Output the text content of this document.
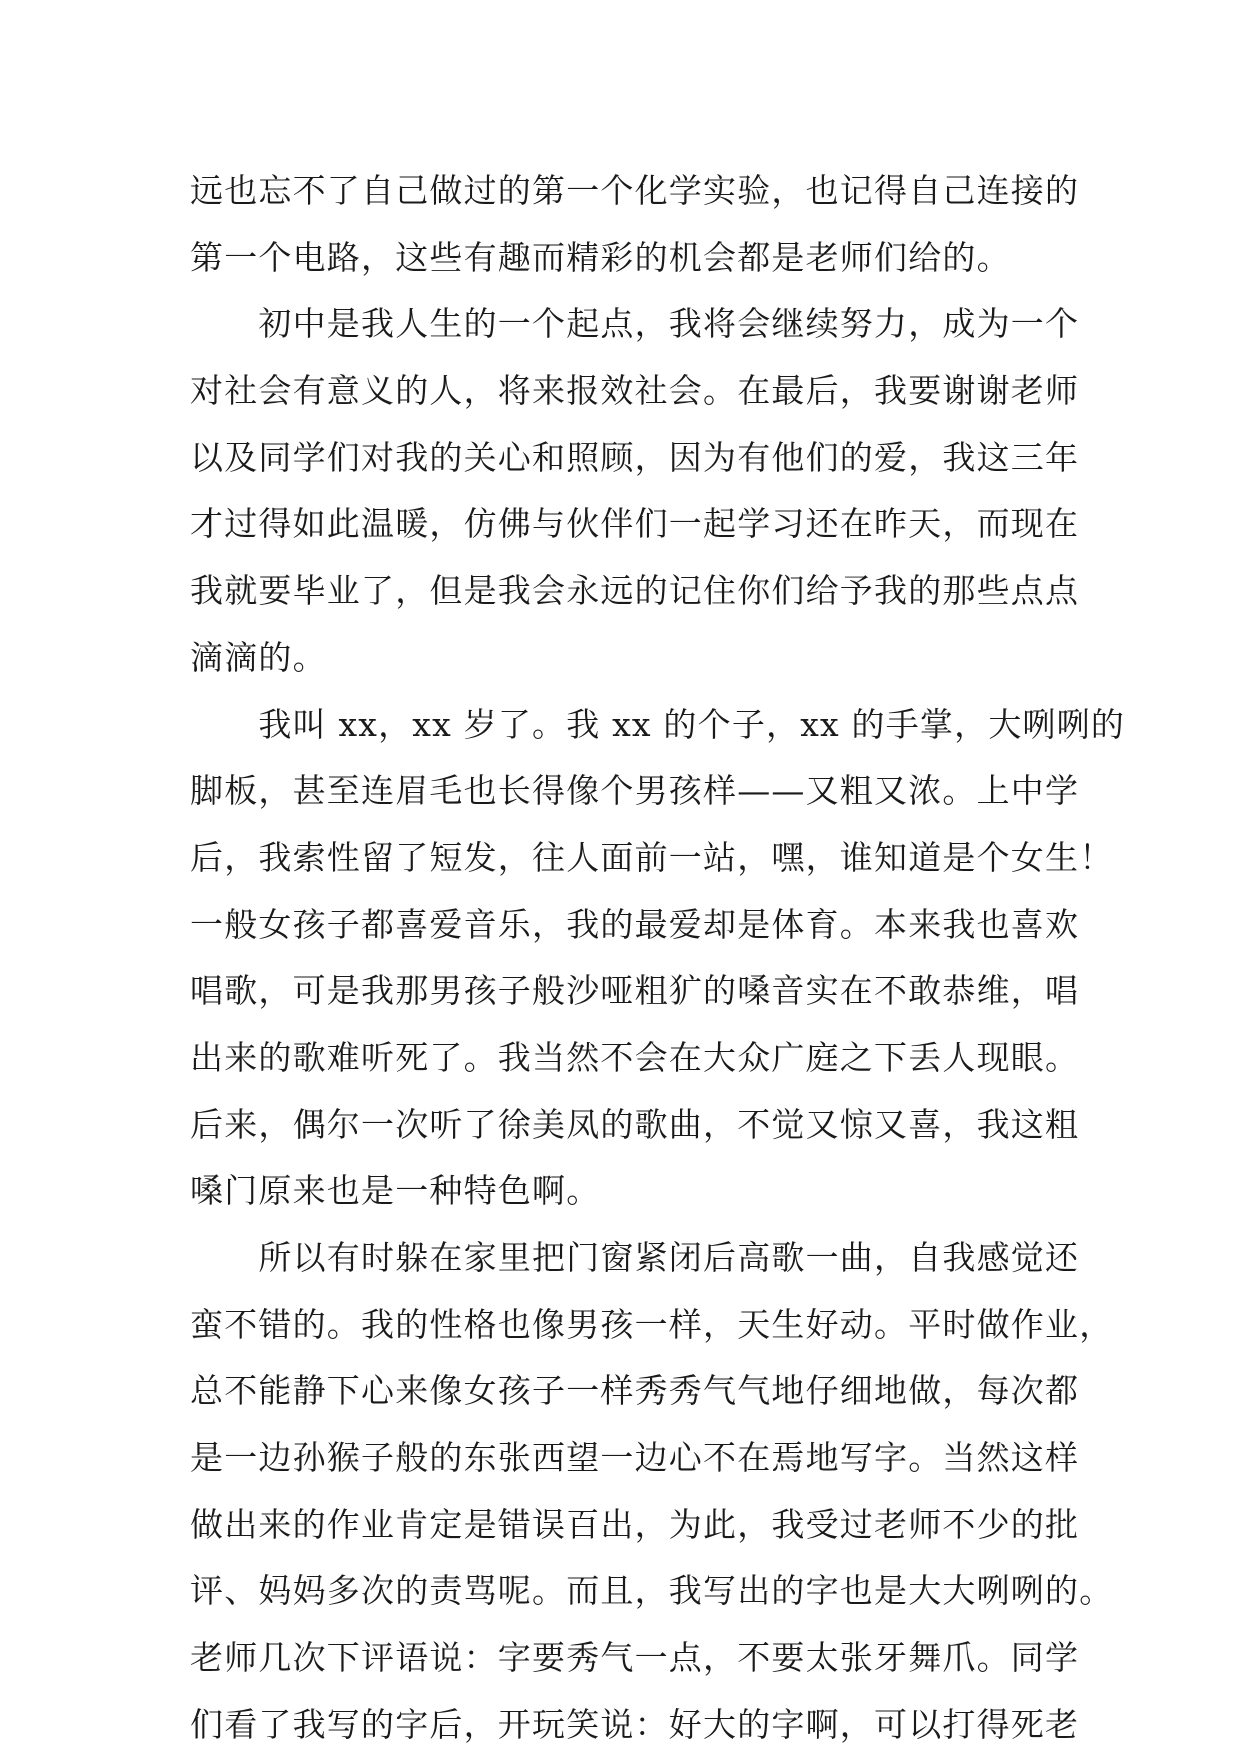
远也忘不了自己做过的第一个化学实验，也记得自己连接的
第一个电路，这些有趣而精彩的机会都是老师们给的。
　　初中是我人生的一个起点，我将会继续努力，成为一个
对社会有意义的人，将来报效社会。在最后，我要谢谢老师
以及同学们对我的关心和照顾，因为有他们的爱，我这三年
才过得如此温暖，仿佛与伙伴们一起学习还在昨天，而现在
我就要毕业了，但是我会永远的记住你们给予我的那些点点
滴滴的。
　　我叫 xx，xx 岁了。我 xx 的个子，xx 的手掌，大咧咧的
脚板，甚至连眉毛也长得像个男孩样——又粗又浓。上中学
后，我索性留了短发，往人面前一站，嘿，谁知道是个女生！
一般女孩子都喜爱音乐，我的最爱却是体育。本来我也喜欢
唱歌，可是我那男孩子般沙哑粗犷的嗓音实在不敢恭维，唱
出来的歌难听死了。我当然不会在大众广庭之下丢人现眼。
后来，偶尔一次听了徐美凤的歌曲，不觉又惊又喜，我这粗
嗓门原来也是一种特色啊。
　　所以有时躲在家里把门窗紧闭后高歌一曲，自我感觉还
蛮不错的。我的性格也像男孩一样，天生好动。平时做作业，
总不能静下心来像女孩子一样秀秀气气地仔细地做，每次都
是一边孙猴子般的东张西望一边心不在焉地写字。当然这样
做出来的作业肯定是错误百出，为此，我受过老师不少的批
评、妈妈多次的责骂呢。而且，我写出的字也是大大咧咧的。
老师几次下评语说：字要秀气一点，不要太张牙舞爪。同学
们看了我写的字后，开玩笑说：好大的字啊，可以打得死老
